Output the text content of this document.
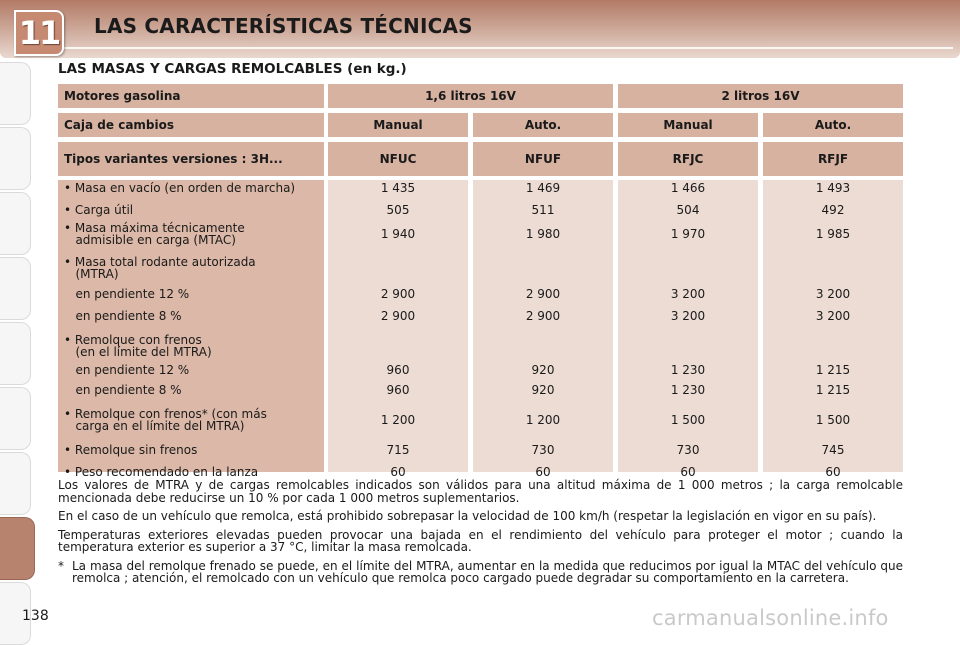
11 LAS CARACTERÍSTICAS TÉCNICAS
LAS MASAS Y CARGAS REMOLCABLES (en kg.)
Motores gasolina	1,6 litros 16V	2 litros 16V
Caja de cambios	Manual	Auto.	Manual	Auto.
Tipos variantes versiones : 3H...	NFUC	NFUF	RFJC	RFJF
• Masa en vacío (en orden de marcha)	1 435	1 469	1 466	1 493
• Carga útil	505	511	504	492
• Masa máxima técnicamente
admisible en carga (MTAC)	1 940	1 980	1 970	1 985
• Masa total rodante autorizada
(MTRA)
en pendiente 12 %	2 900	2 900	3 200	3 200
en pendiente 8 %	2 900	2 900	3 200	3 200
• Remolque con frenos
(en el límite del MTRA)
en pendiente 12 %	960	920	1 230	1 215
en pendiente 8 %	960	920	1 230	1 215
• Remolque con frenos* (con más
carga en el límite del MTRA)	1 200	1 200	1 500	1 500
• Remolque sin frenos	715	730	730	745
• Peso recomendado en la lanza	60	60	60	60

Los valores de MTRA y de cargas remolcables indicados son válidos para una altitud máxima de 1 000 metros ; la carga remolcable mencionada debe reducirse un 10 % por cada 1 000 metros suplementarios.

En el caso de un vehículo que remolca, está prohibido sobrepasar la velocidad de 100 km/h (respetar la legislación en vigor en su país).

Temperaturas exteriores elevadas pueden provocar una bajada en el rendimiento del vehículo para proteger el motor ; cuando la temperatura exterior es superior a 37 °C, limitar la masa remolcada.

* La masa del remolque frenado se puede, en el límite del MTRA, aumentar en la medida que reducimos por igual la MTAC del vehículo que remolca ; atención, el remolcado con un vehículo que remolca poco cargado puede degradar su comportamiento en la carretera.
138	carmanualsonline.info
